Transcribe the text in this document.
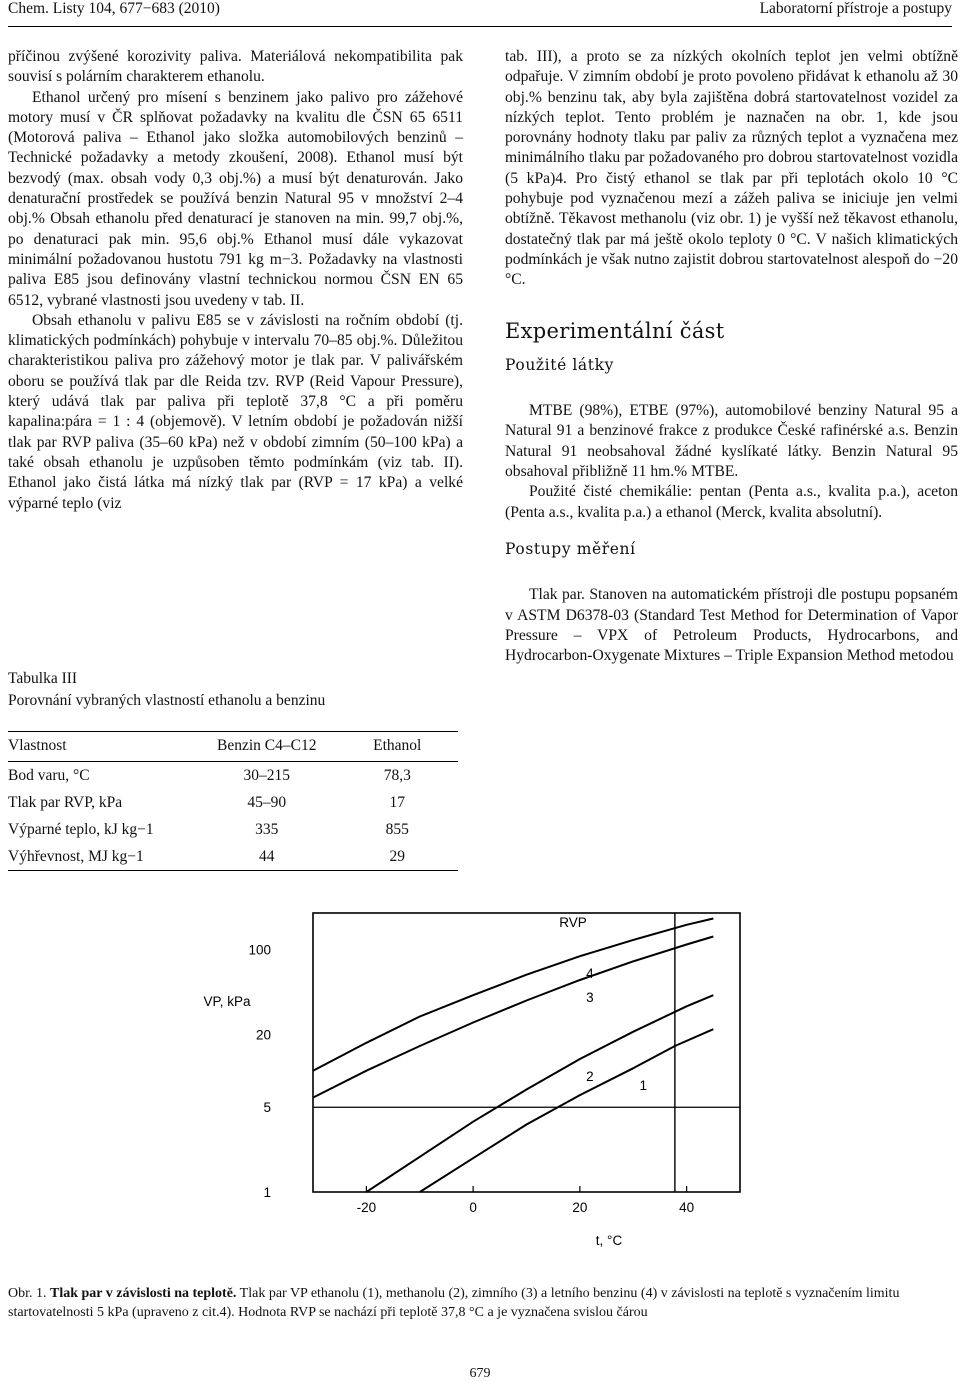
Chem. Listy 104, 677−683 (2010)	Laboratorní přístroje a postupy

příčinou zvýšené korozivity paliva. Materiálová nekompatibilita pak souvisí s polárním charakterem ethanolu.

Ethanol určený pro mísení s benzinem jako palivo pro zážehové motory musí v ČR splňovat požadavky na kvalitu dle ČSN 65 6511 (Motorová paliva – Ethanol jako složka automobilových benzinů – Technické požadavky a metody zkoušení, 2008). Ethanol musí být bezvodý (max. obsah vody 0,3 obj.%) a musí být denaturován. Jako denaturační prostředek se používá benzin Natural 95 v množství 2–4 obj.% Obsah ethanolu před denaturací je stanoven na min. 99,7 obj.%, po denaturaci pak min. 95,6 obj.% Ethanol musí dále vykazovat minimální požadovanou hustotu 791 kg m−3. Požadavky na vlastnosti paliva E85 jsou definovány vlastní technickou normou ČSN EN 65 6512, vybrané vlastnosti jsou uvedeny v tab. II.

Obsah ethanolu v palivu E85 se v závislosti na ročním období (tj. klimatických podmínkách) pohybuje v intervalu 70–85 obj.%. Důležitou charakteristikou paliva pro zážehový motor je tlak par. V palivářském oboru se používá tlak par dle Reida tzv. RVP (Reid Vapour Pressure), který udává tlak par paliva při teplotě 37,8 °C a při poměru kapalina:pára = 1 : 4 (objemově). V letním období je požadován nižší tlak par RVP paliva (35–60 kPa) než v období zimním (50–100 kPa) a také obsah ethanolu je uzpůsoben těmto podmínkám (viz tab. II). Ethanol jako čistá látka má nízký tlak par (RVP = 17 kPa) a velké výparné teplo (viz

Tabulka III
Porovnání vybraných vlastností ethanolu a benzinu
Vlastnost	Benzin C4–C12	Ethanol
Bod varu, °C	30–215	78,3
Tlak par RVP, kPa	45–90	17
Výparné teplo, kJ kg−1	335	855
Výhřevnost, MJ kg−1	44	29

tab. III), a proto se za nízkých okolních teplot jen velmi obtížně odpařuje. V zimním období je proto povoleno přidávat k ethanolu až 30 obj.% benzinu tak, aby byla zajištěna dobrá startovatelnost vozidel za nízkých teplot. Tento problém je naznačen na obr. 1, kde jsou porovnány hodnoty tlaku par paliv za různých teplot a vyznačena mez minimálního tlaku par požadovaného pro dobrou startovatelnost vozidla (5 kPa)4. Pro čistý ethanol se tlak par při teplotách okolo 10 °C pohybuje pod vyznačenou mezí a zážeh paliva se iniciuje jen velmi obtížně. Těkavost methanolu (viz obr. 1) je vyšší než těkavost ethanolu, dostatečný tlak par má ještě okolo teploty 0 °C. V našich klimatických podmínkách je však nutno zajistit dobrou startovatelnost alespoň do −20 °C.

Experimentální část
Použité látky

MTBE (98%), ETBE (97%), automobilové benziny Natural 95 a Natural 91 a benzinové frakce z produkce České rafinérské a.s. Benzin Natural 91 neobsahoval žádné kyslíkaté látky. Benzin Natural 95 obsahoval přibližně 11 hm.% MTBE.

Použité čisté chemikálie: pentan (Penta a.s., kvalita p.a.), aceton (Penta a.s., kvalita p.a.) a ethanol (Merck, kvalita absolutní).

Postupy měření

Tlak par. Stanoven na automatickém přístroji dle postupu popsaném v ASTM D6378-03 (Standard Test Method for Determination of Vapor Pressure – VPX of Petroleum Products, Hydrocarbons, and Hydrocarbon-Oxygenate Mixtures – Triple Expansion Method metodou

-20	0	20	40
1
5
20
100
1
2
3
4
VP, kPa
t, °C
RVP
Obr. 1. Tlak par v závislosti na teplotě. Tlak par VP ethanolu (1), methanolu (2), zimního (3) a letního benzinu (4) v závislosti na teplotě s vyznačením limitu startovatelnosti 5 kPa (upraveno z cit.4). Hodnota RVP se nachází při teplotě 37,8 °C a je vyznačena svislou čárou
679
